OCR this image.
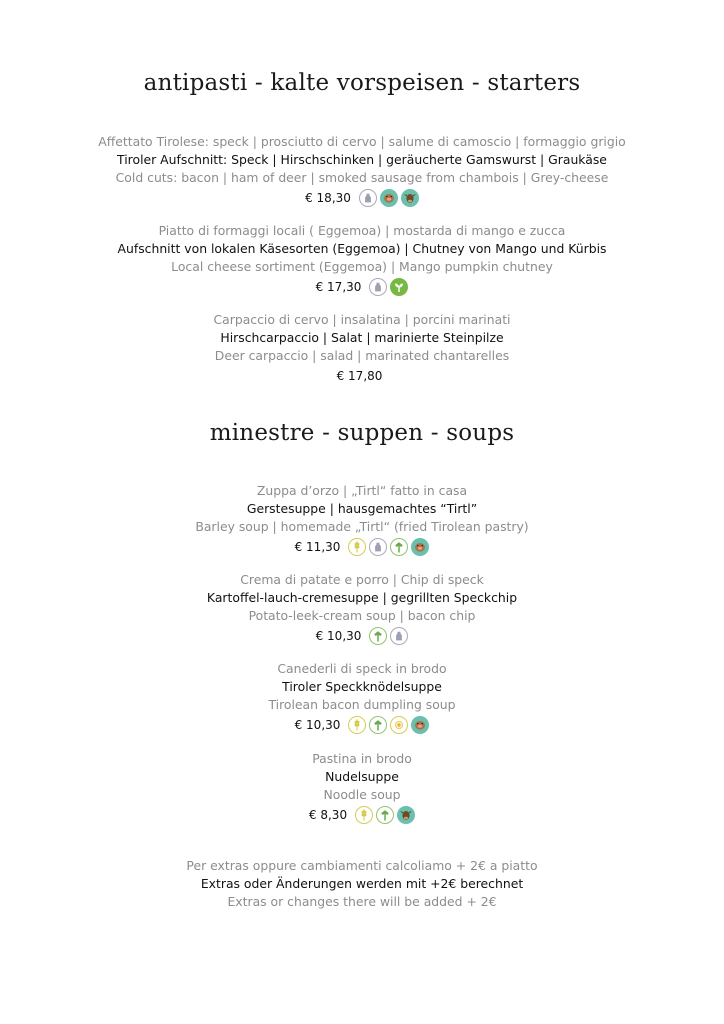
antipasti - kalte vorspeisen - starters
Affettato Tirolese: speck | prosciutto di cervo | salume di camoscio | formaggio grigio
Tiroler Aufschnitt: Speck | Hirschschinken | geräucherte Gamswurst | Graukäse
Cold cuts: bacon | ham of deer | smoked sausage from chambois | Grey-cheese
€ 18,30
Piatto di formaggi locali ( Eggemoa) | mostarda di mango e zucca
Aufschnitt von lokalen Käsesorten (Eggemoa) | Chutney von Mango und Kürbis
Local cheese sortiment (Eggemoa) | Mango pumpkin chutney
€ 17,30
Carpaccio di cervo | insalatina | porcini marinati
Hirschcarpaccio | Salat | marinierte Steinpilze
Deer carpaccio | salad | marinated chantarelles
€ 17,80
minestre - suppen - soups
Zuppa d’orzo | „Tirtl“ fatto in casa
Gerstesuppe | hausgemachtes “Tirtl”
Barley soup | homemade „Tirtl“ (fried Tirolean pastry)
€ 11,30
Crema di patate e porro | Chip di speck
Kartoffel-lauch-cremesuppe | gegrillten Speckchip
Potato-leek-cream soup | bacon chip
€ 10,30
Canederli di speck in brodo
Tiroler Speckknödelsuppe
Tirolean bacon dumpling soup
€ 10,30
Pastina in brodo
Nudelsuppe
Noodle soup
€ 8,30
Per extras oppure cambiamenti calcoliamo + 2€ a piatto
Extras oder Änderungen werden mit +2€ berechnet
Extras or changes there will be added + 2€
